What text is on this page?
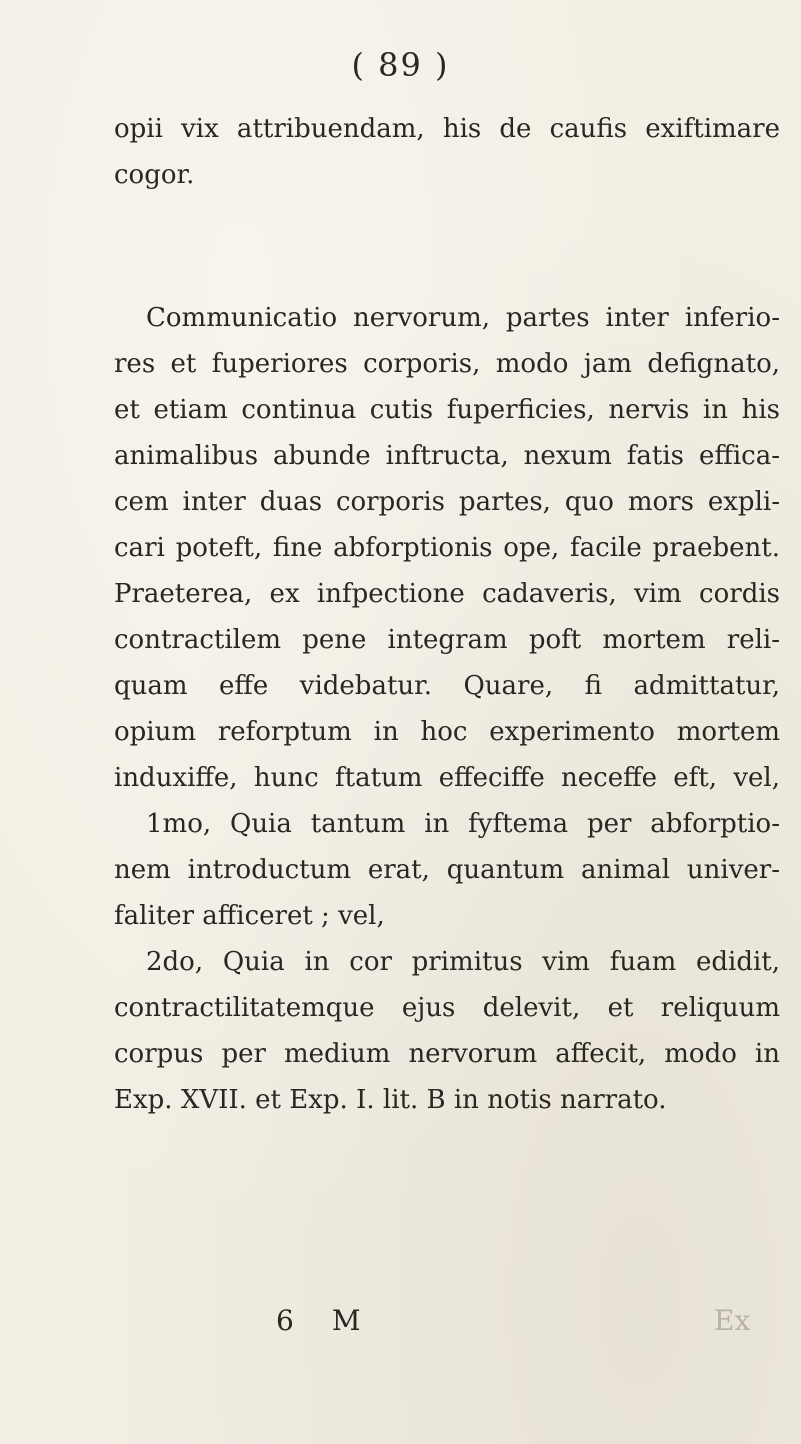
( 89 )
opii vix attribuendam, his de caufis exiftimare
cogor.
Communicatio nervorum, partes inter inferio-
res et fuperiores corporis, modo jam defignato,
et etiam continua cutis fuperficies, nervis in his
animalibus abunde inftructa, nexum fatis effica-
cem inter duas corporis partes, quo mors expli-
cari poteft, fine abforptionis ope, facile praebent.
Praeterea, ex infpectione cadaveris, vim cordis
contractilem pene integram poft mortem reli-
quam effe videbatur. Quare, fi admittatur,
opium reforptum in hoc experimento mortem
induxiffe, hunc ftatum effeciffe neceffe eft, vel,
1mo, Quia tantum in fyftema per abforptio-
nem introductum erat, quantum animal univer-
faliter afficeret ; vel,
2do, Quia in cor primitus vim fuam edidit,
contractilitatemque ejus delevit, et reliquum
corpus per medium nervorum affecit, modo in
Exp. XVII. et Exp. I. lit. B in notis narrato.
6 M	Ex
